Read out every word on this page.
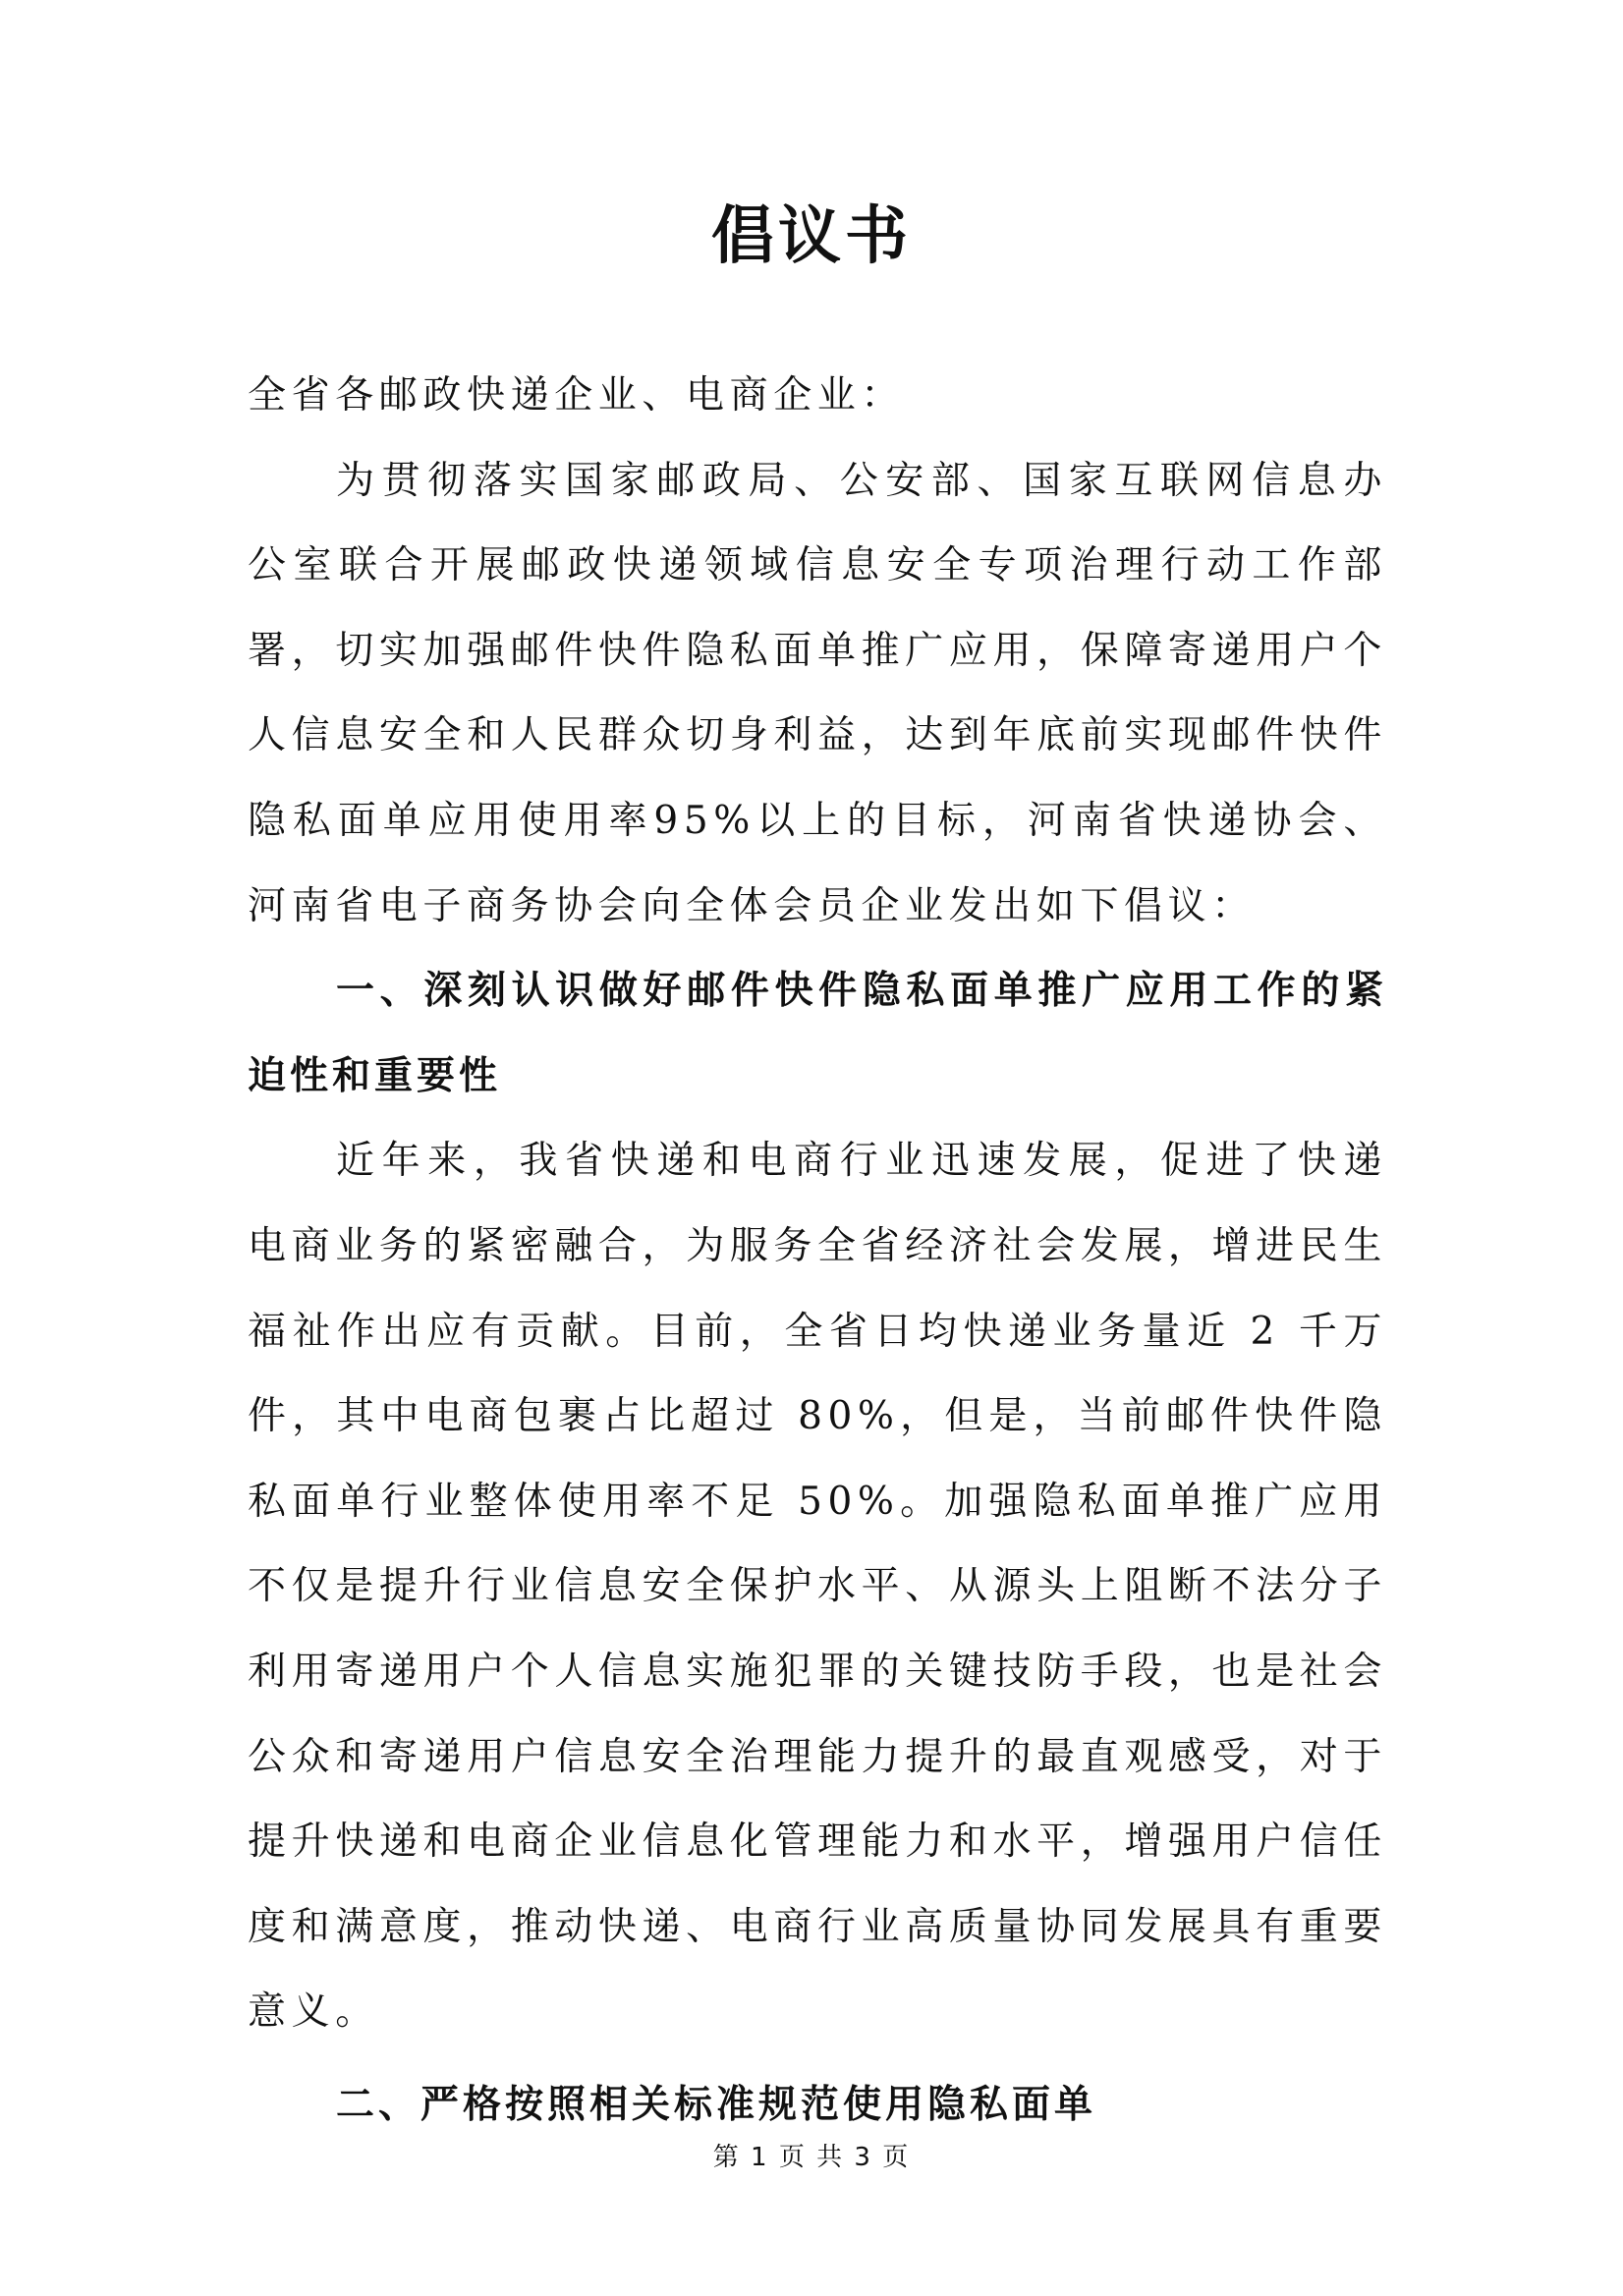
倡议书

全省各邮政快递企业、电商企业：

为贯彻落实国家邮政局、公安部、国家互联网信息办公室联合开展邮政快递领域信息安全专项治理行动工作部署，切实加强邮件快件隐私面单推广应用，保障寄递用户个人信息安全和人民群众切身利益，达到年底前实现邮件快件隐私面单应用使用率95%以上的目标，河南省快递协会、河南省电子商务协会向全体会员企业发出如下倡议：

一、深刻认识做好邮件快件隐私面单推广应用工作的紧迫性和重要性

近年来，我省快递和电商行业迅速发展，促进了快递电商业务的紧密融合，为服务全省经济社会发展，增进民生福祉作出应有贡献。目前，全省日均快递业务量近 2 千万件，其中电商包裹占比超过 80%，但是，当前邮件快件隐私面单行业整体使用率不足 50%。加强隐私面单推广应用不仅是提升行业信息安全保护水平、从源头上阻断不法分子利用寄递用户个人信息实施犯罪的关键技防手段，也是社会公众和寄递用户信息安全治理能力提升的最直观感受，对于提升快递和电商企业信息化管理能力和水平，增强用户信任度和满意度，推动快递、电商行业高质量协同发展具有重要意义。

二、严格按照相关标准规范使用隐私面单

第 1 页 共 3 页
